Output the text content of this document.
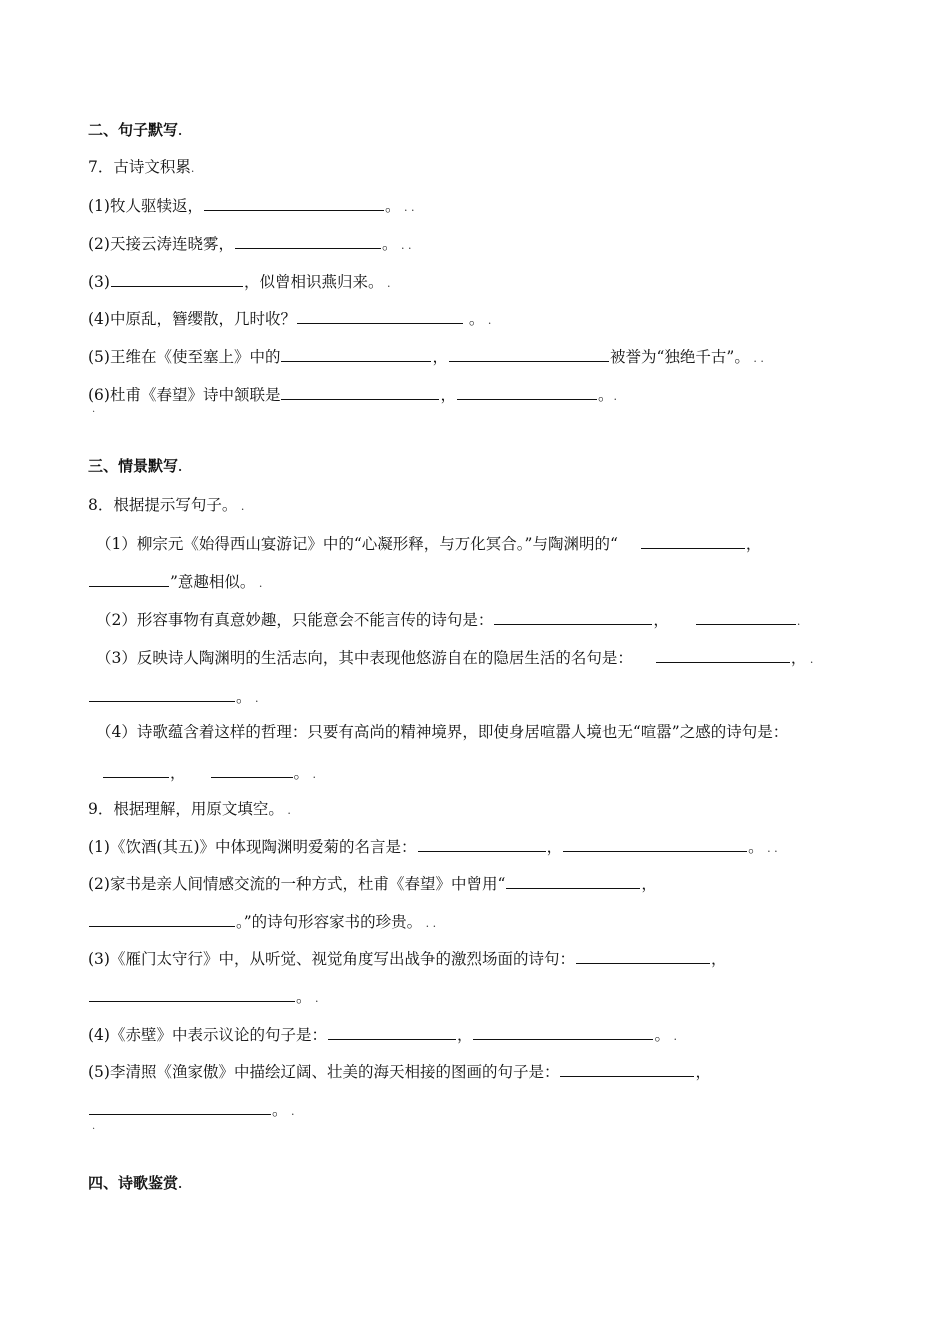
二、句子默写.
7．古诗文积累.
(1)牧人驱犊返，	。 . .
(2)天接云涛连晓雾，	。 . .
(3)	，似曾相识燕归来。 .
(4)中原乱，簪缨散，几时收？	。 .
(5)王维在《使至塞上》中的	，	被誉为“独绝千古”。 . .
(6)杜甫《春望》诗中颔联是	，	。.
.
三、情景默写.
8．根据提示写句子。 .
（1）柳宗元《始得西山宴游记》中的“心凝形释，与万化冥合。”与陶渊明的“	，
”意趣相似。 .
（2）形容事物有真意妙趣，只能意会不能言传的诗句是：	，	.
（3）反映诗人陶渊明的生活志向，其中表现他悠游自在的隐居生活的名句是：	， .
。 .
（4）诗歌蕴含着这样的哲理：只要有高尚的精神境界，即使身居喧嚣人境也无“喧嚣”之感的诗句是：
，	。 .
9．根据理解，用原文填空。 .
(1)《饮酒(其五)》中体现陶渊明爱菊的名言是：	，	。 . .
(2)家书是亲人间情感交流的一种方式，杜甫《春望》中曾用“	，
。”的诗句形容家书的珍贵。 . .
(3)《雁门太守行》中，从听觉、视觉角度写出战争的激烈场面的诗句：	，
。 .
(4)《赤壁》中表示议论的句子是：	，	。 .
(5)李清照《渔家傲》中描绘辽阔、壮美的海天相接的图画的句子是：	，
。 .
.
四、诗歌鉴赏.
